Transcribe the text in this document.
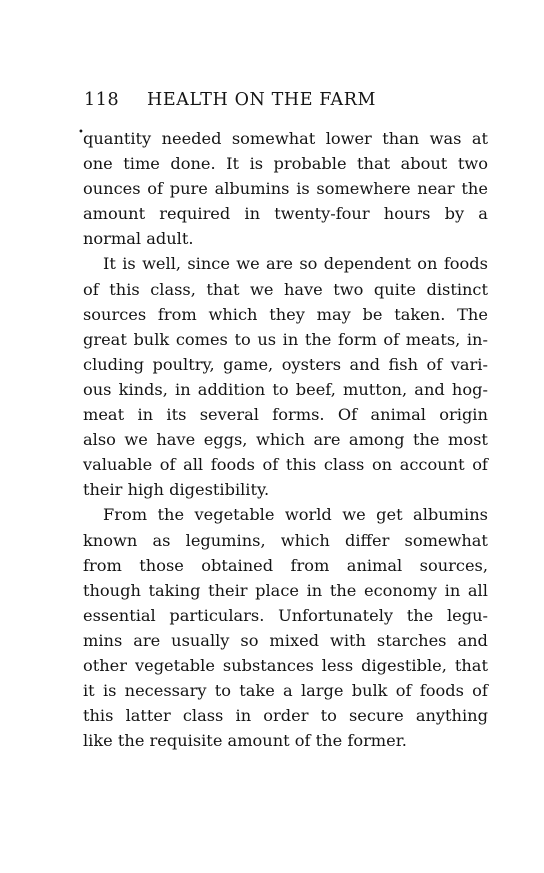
118 HEALTH ON THE FARM
• quantity needed somewhat lower than was at
one time done. It is probable that about two
ounces of pure albumins is somewhere near the
amount required in twenty-four hours by a
normal adult.
It is well, since we are so dependent on foods
of this class, that we have two quite distinct
sources from which they may be taken. The
great bulk comes to us in the form of meats, in-
cluding poultry, game, oysters and fish of vari-
ous kinds, in addition to beef, mutton, and hog-
meat in its several forms. Of animal origin
also we have eggs, which are among the most
valuable of all foods of this class on account of
their high digestibility.
From the vegetable world we get albumins
known as legumins, which differ somewhat
from those obtained from animal sources,
though taking their place in the economy in all
essential particulars. Unfortunately the legu-
mins are usually so mixed with starches and
other vegetable substances less digestible, that
it is necessary to take a large bulk of foods of
this latter class in order to secure anything
like the requisite amount of the former.
